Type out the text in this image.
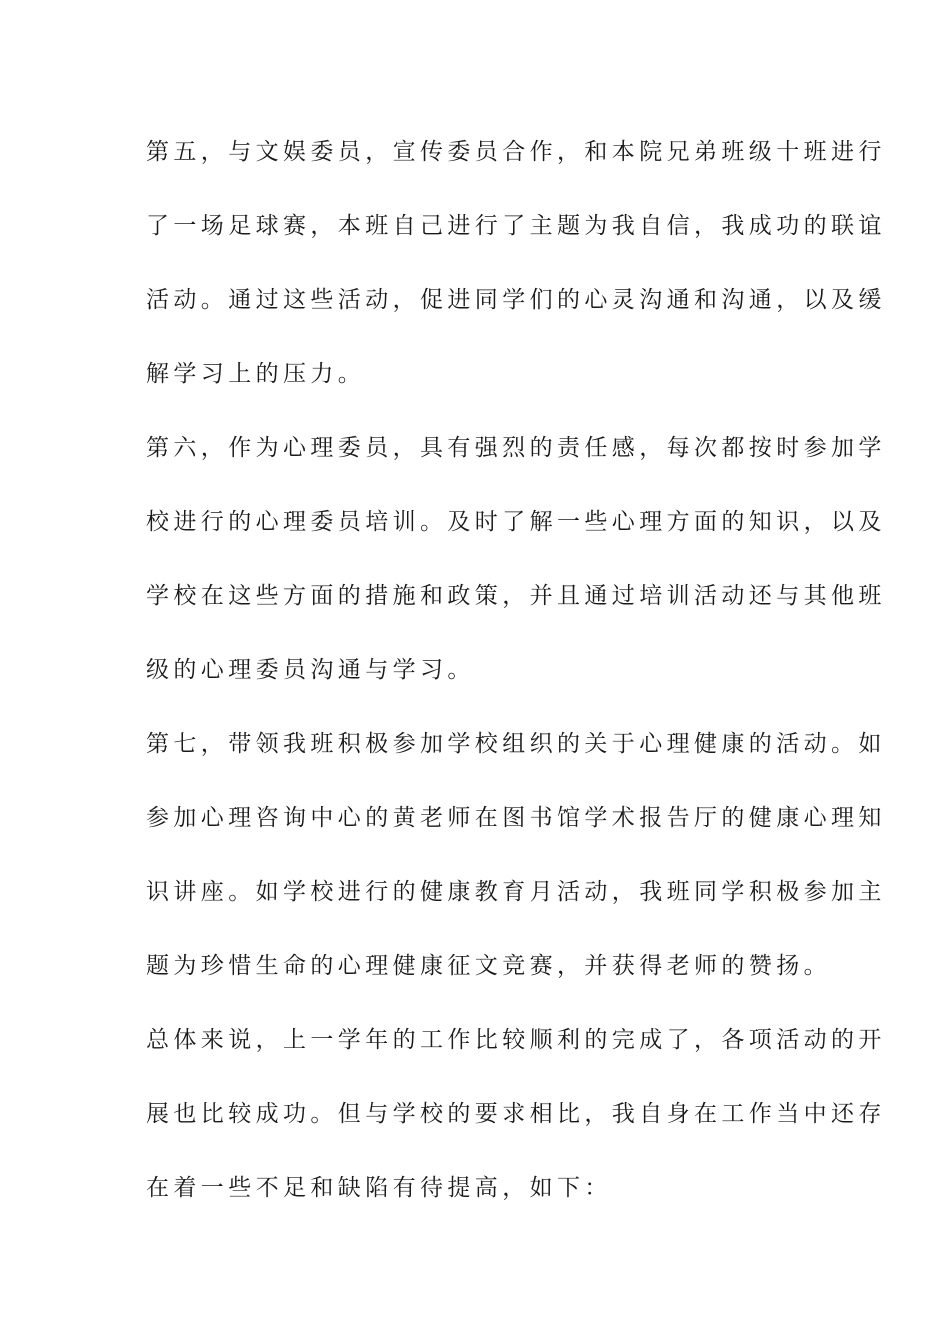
第五，与文娱委员，宣传委员合作，和本院兄弟班级十班进行
了一场足球赛，本班自己进行了主题为我自信，我成功的联谊
活动。通过这些活动，促进同学们的心灵沟通和沟通，以及缓
解学习上的压力。
第六，作为心理委员，具有强烈的责任感，每次都按时参加学
校进行的心理委员培训。及时了解一些心理方面的知识，以及
学校在这些方面的措施和政策，并且通过培训活动还与其他班
级的心理委员沟通与学习。
第七，带领我班积极参加学校组织的关于心理健康的活动。如
参加心理咨询中心的黄老师在图书馆学术报告厅的健康心理知
识讲座。如学校进行的健康教育月活动，我班同学积极参加主
题为珍惜生命的心理健康征文竞赛，并获得老师的赞扬。
总体来说，上一学年的工作比较顺利的完成了，各项活动的开
展也比较成功。但与学校的要求相比，我自身在工作当中还存
在着一些不足和缺陷有待提高，如下：
